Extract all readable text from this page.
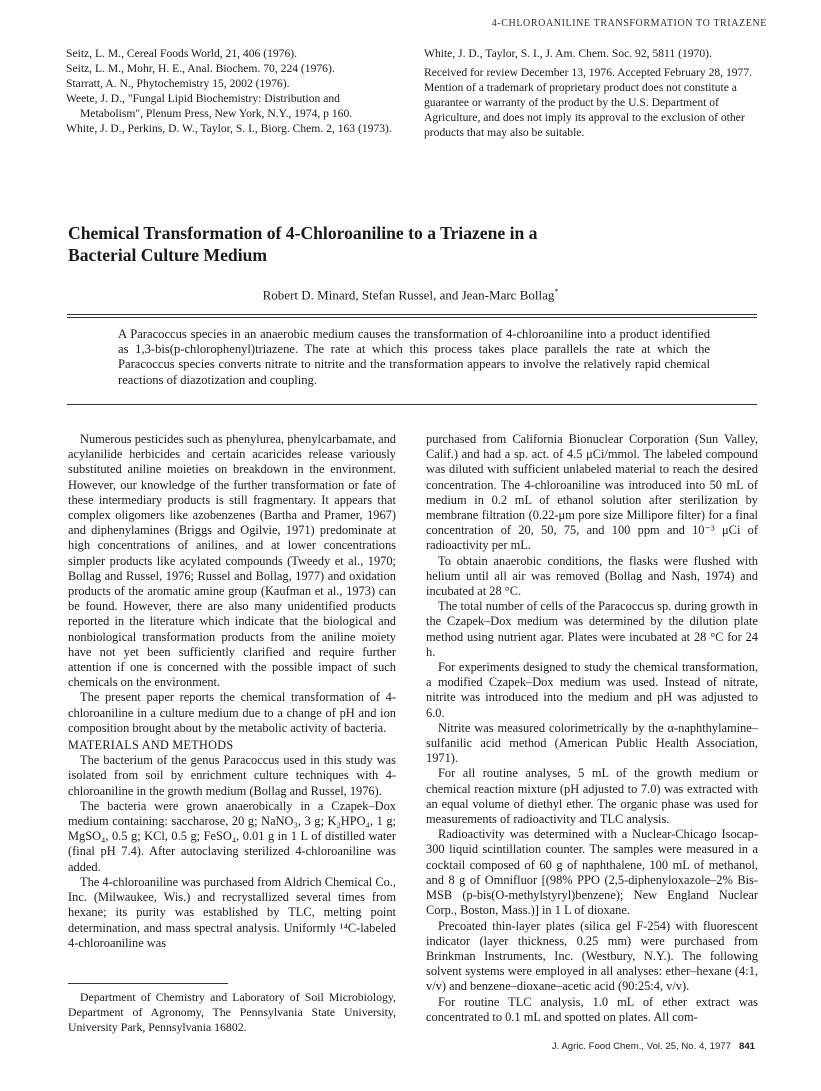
4-CHLOROANILINE TRANSFORMATION TO TRIAZENE

Seitz, L. M., Cereal Foods World, 21, 406 (1976).

Seitz, L. M., Mohr, H. E., Anal. Biochem. 70, 224 (1976).

Starratt, A. N., Phytochemistry 15, 2002 (1976).

Weete, J. D., "Fungal Lipid Biochemistry: Distribution and Metabolism", Plenum Press, New York, N.Y., 1974, p 160.

White, J. D., Perkins, D. W., Taylor, S. I., Biorg. Chem. 2, 163 (1973).

White, J. D., Taylor, S. I., J. Am. Chem. Soc. 92, 5811 (1970).

Received for review December 13, 1976. Accepted February 28, 1977. Mention of a trademark of proprietary product does not constitute a guarantee or warranty of the product by the U.S. Department of Agriculture, and does not imply its approval to the exclusion of other products that may also be suitable.
Chemical Transformation of 4-Chloroaniline to a Triazene in a
Bacterial Culture Medium
Robert D. Minard, Stefan Russel, and Jean-Marc Bollag*
A Paracoccus species in an anaerobic medium causes the transformation of 4-chloroaniline into a product identified as 1,3-bis(p-chlorophenyl)triazene. The rate at which this process takes place parallels the rate at which the Paracoccus species converts nitrate to nitrite and the transformation appears to involve the relatively rapid chemical reactions of diazotization and coupling.

Numerous pesticides such as phenylurea, phenylcarbamate, and acylanilide herbicides and certain acaricides release variously substituted aniline moieties on breakdown in the environment. However, our knowledge of the further transformation or fate of these intermediary products is still fragmentary. It appears that complex oligomers like azobenzenes (Bartha and Pramer, 1967) and diphenylamines (Briggs and Ogilvie, 1971) predominate at high concentrations of anilines, and at lower concentrations simpler products like acylated compounds (Tweedy et al., 1970; Bollag and Russel, 1976; Russel and Bollag, 1977) and oxidation products of the aromatic amine group (Kaufman et al., 1973) can be found. However, there are also many unidentified products reported in the literature which indicate that the biological and nonbiological transformation products from the aniline moiety have not yet been sufficiently clarified and require further attention if one is concerned with the possible impact of such chemicals on the environment.

The present paper reports the chemical transformation of 4-chloroaniline in a culture medium due to a change of pH and ion composition brought about by the metabolic activity of bacteria.

MATERIALS AND METHODS

The bacterium of the genus Paracoccus used in this study was isolated from soil by enrichment culture techniques with 4-chloroaniline in the growth medium (Bollag and Russel, 1976).

The bacteria were grown anaerobically in a Czapek–Dox medium containing: saccharose, 20 g; NaNO₃, 3 g; K₂HPO₄, 1 g; MgSO₄, 0.5 g; KCl, 0.5 g; FeSO₄, 0.01 g in 1 L of distilled water (final pH 7.4). After autoclaving sterilized 4-chloroaniline was added.

The 4-chloroaniline was purchased from Aldrich Chemical Co., Inc. (Milwaukee, Wis.) and recrystallized several times from hexane; its purity was established by TLC, melting point determination, and mass spectral analysis. Uniformly ¹⁴C-labeled 4-chloroaniline was

Department of Chemistry and Laboratory of Soil Microbiology, Department of Agronomy, The Pennsylvania State University, University Park, Pennsylvania 16802.

purchased from California Bionuclear Corporation (Sun Valley, Calif.) and had a sp. act. of 4.5 μCi/mmol. The labeled compound was diluted with sufficient unlabeled material to reach the desired concentration. The 4-chloroaniline was introduced into 50 mL of medium in 0.2 mL of ethanol solution after sterilization by membrane filtration (0.22-μm pore size Millipore filter) for a final concentration of 20, 50, 75, and 100 ppm and 10⁻³ μCi of radioactivity per mL.

To obtain anaerobic conditions, the flasks were flushed with helium until all air was removed (Bollag and Nash, 1974) and incubated at 28 °C.

The total number of cells of the Paracoccus sp. during growth in the Czapek–Dox medium was determined by the dilution plate method using nutrient agar. Plates were incubated at 28 °C for 24 h.

For experiments designed to study the chemical transformation, a modified Czapek–Dox medium was used. Instead of nitrate, nitrite was introduced into the medium and pH was adjusted to 6.0.

Nitrite was measured colorimetrically by the α-naphthylamine–sulfanilic acid method (American Public Health Association, 1971).

For all routine analyses, 5 mL of the growth medium or chemical reaction mixture (pH adjusted to 7.0) was extracted with an equal volume of diethyl ether. The organic phase was used for measurements of radioactivity and TLC analysis.

Radioactivity was determined with a Nuclear-Chicago Isocap-300 liquid scintillation counter. The samples were measured in a cocktail composed of 60 g of naphthalene, 100 mL of methanol, and 8 g of Omnifluor [(98% PPO (2,5-diphenyloxazole–2% Bis-MSB (p-bis(O-methylstyryl)benzene); New England Nuclear Corp., Boston, Mass.)] in 1 L of dioxane.

Precoated thin-layer plates (silica gel F-254) with fluorescent indicator (layer thickness, 0.25 mm) were purchased from Brinkman Instruments, Inc. (Westbury, N.Y.). The following solvent systems were employed in all analyses: ether–hexane (4:1, v/v) and benzene–dioxane–acetic acid (90:25:4, v/v).

For routine TLC analysis, 1.0 mL of ether extract was concentrated to 0.1 mL and spotted on plates. All com-

J. Agric. Food Chem., Vol. 25, No. 4, 1977 841
